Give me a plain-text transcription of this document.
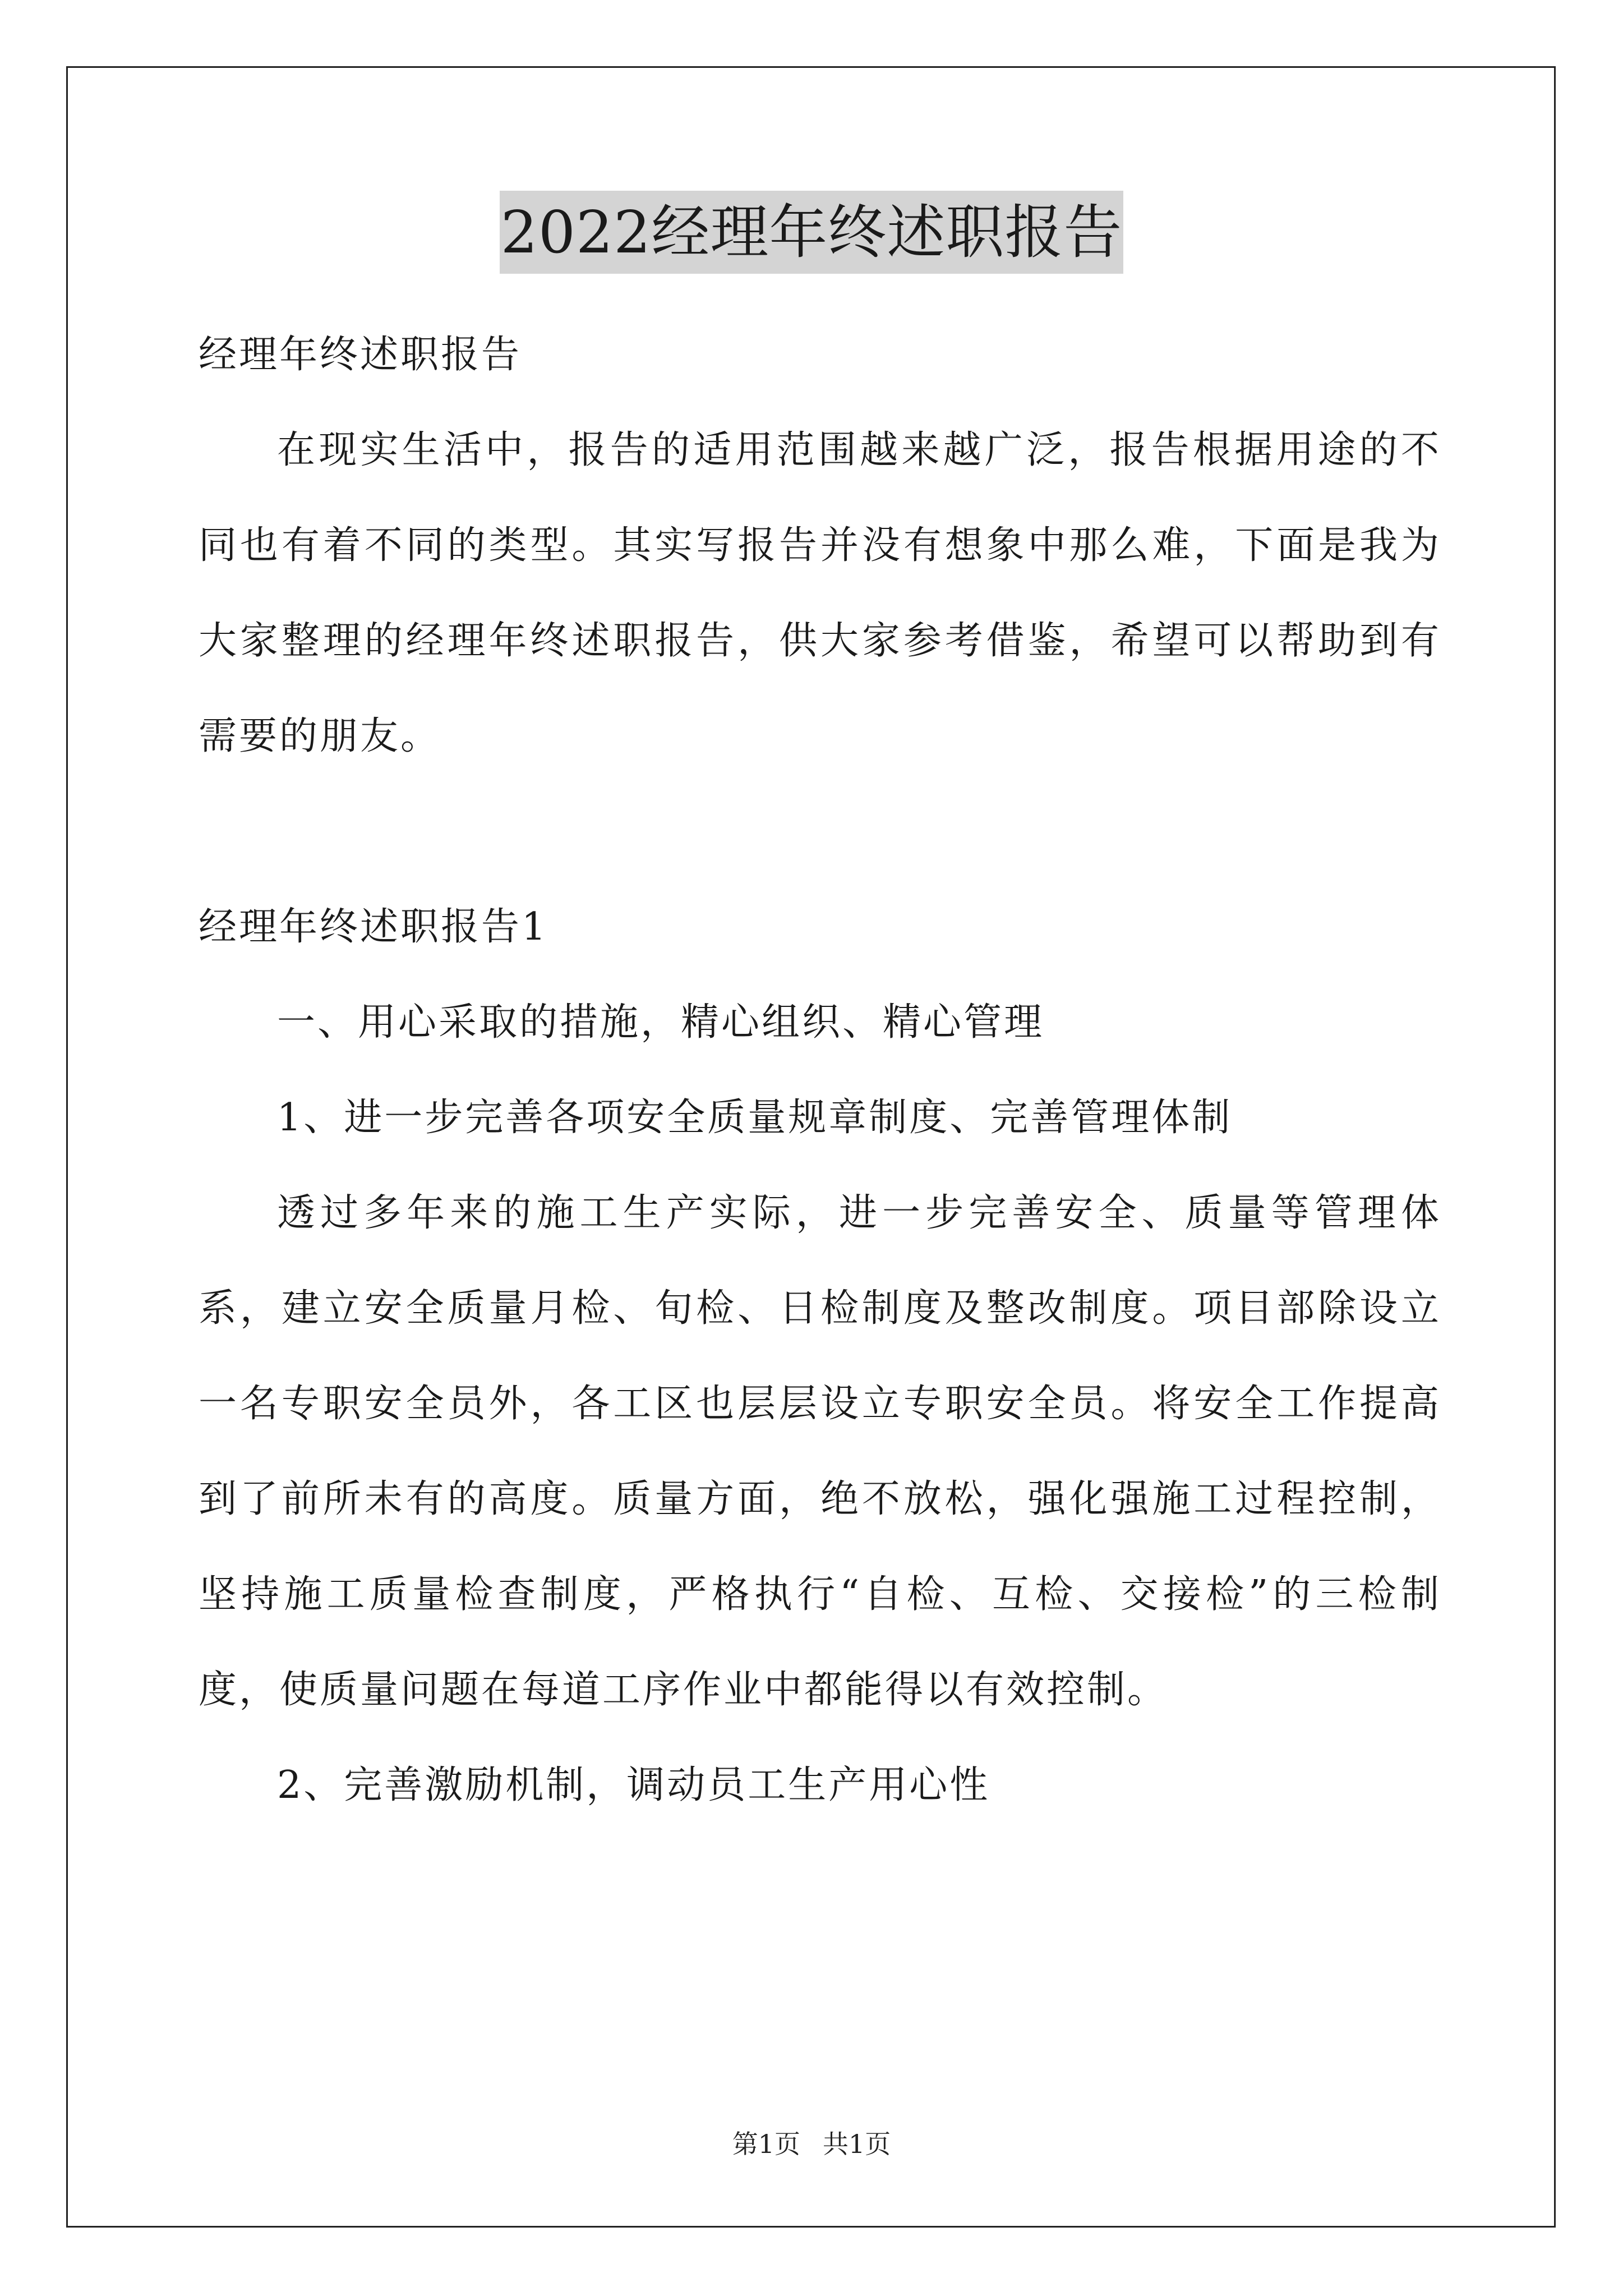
2022经理年终述职报告

经理年终述职报告

在现实生活中，报告的适用范围越来越广泛，报告根据用途的不同也有着不同的类型。其实写报告并没有想象中那么难，下面是我为大家整理的经理年终述职报告，供大家参考借鉴，希望可以帮助到有需要的朋友。

经理年终述职报告1

一、用心采取的措施，精心组织、精心管理

1、进一步完善各项安全质量规章制度、完善管理体制

透过多年来的施工生产实际，进一步完善安全、质量等管理体系，建立安全质量月检、旬检、日检制度及整改制度。项目部除设立一名专职安全员外，各工区也层层设立专职安全员。将安全工作提高到了前所未有的高度。质量方面，绝不放松，强化强施工过程控制，坚持施工质量检查制度，严格执行“自检、互检、交接检”的三检制度，使质量问题在每道工序作业中都能得以有效控制。

2、完善激励机制，调动员工生产用心性

第1页 共1页
